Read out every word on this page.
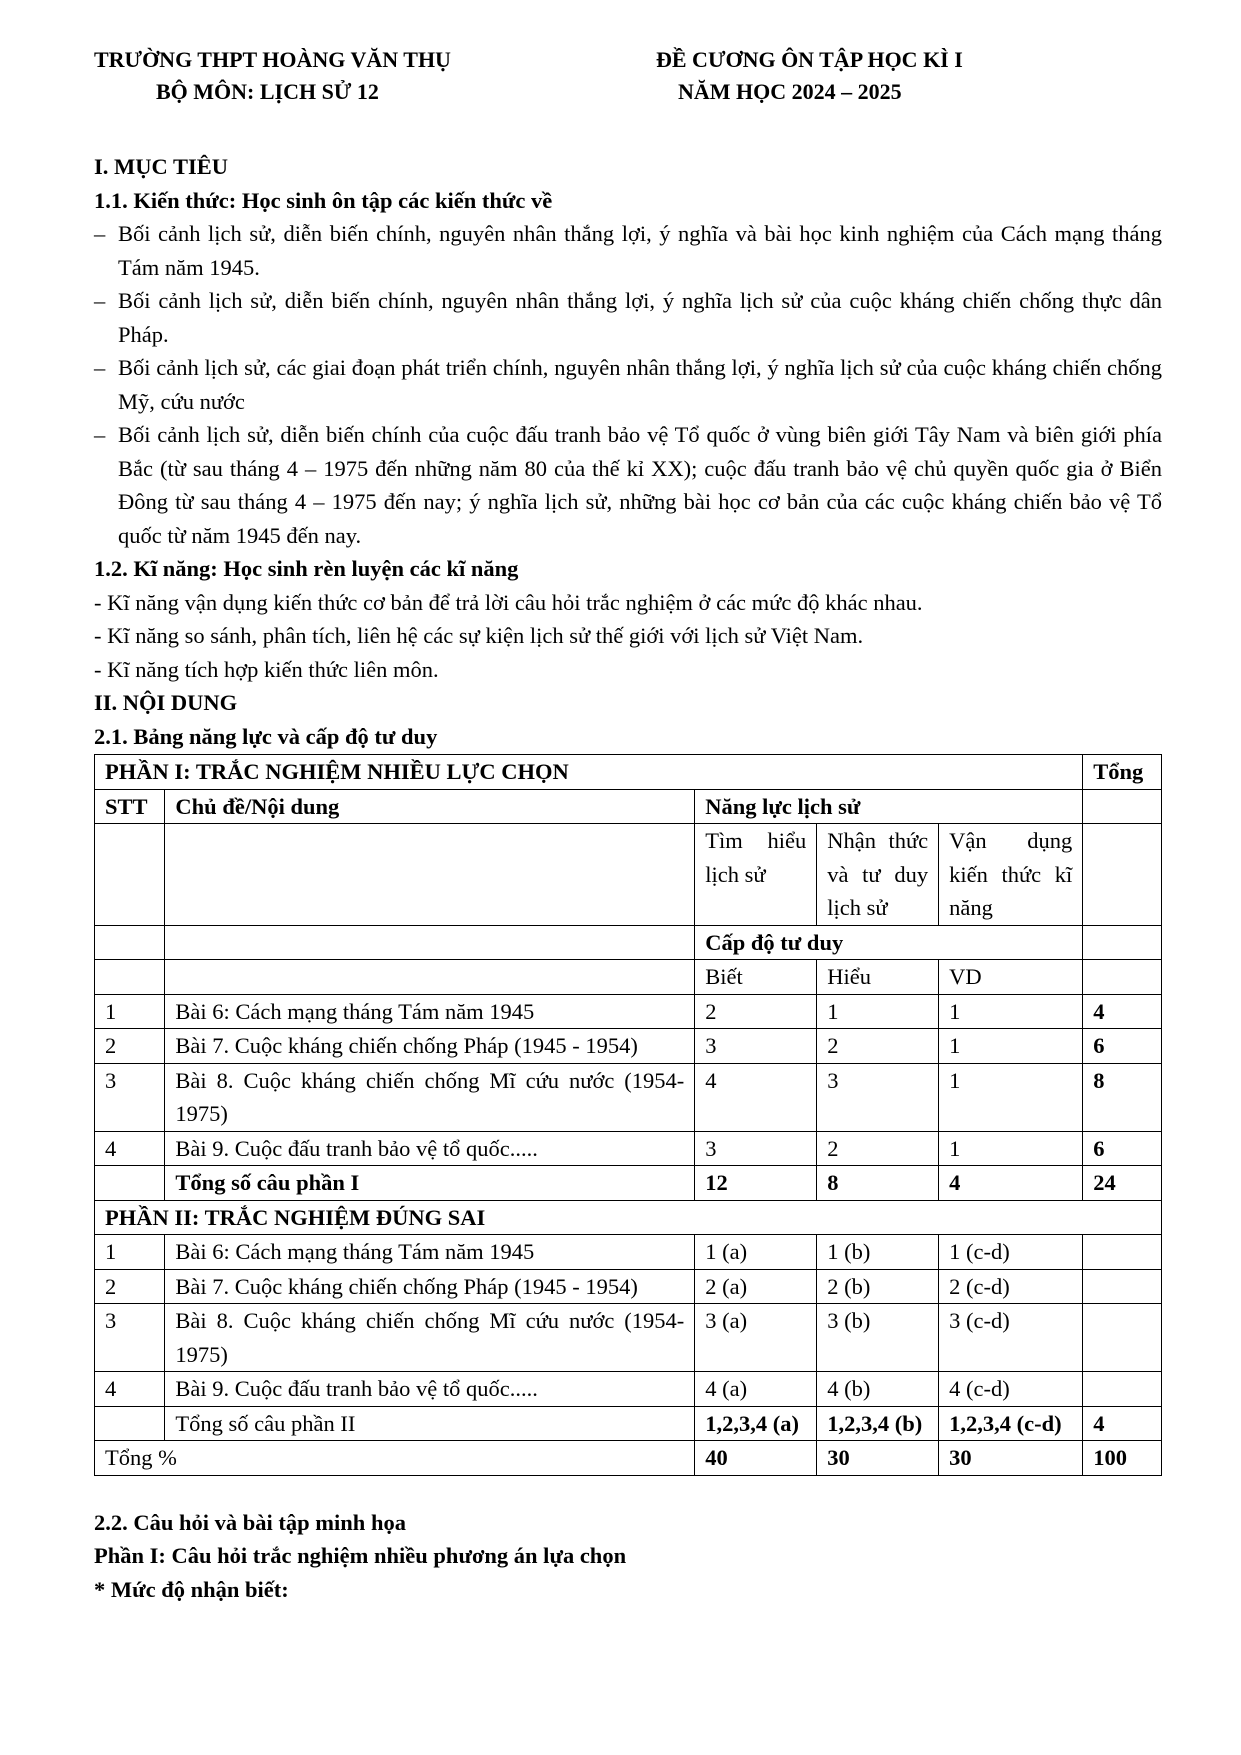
TRƯỜNG THPT HOÀNG VĂN THỤ
BỘ MÔN: LỊCH SỬ 12
ĐỀ CƯƠNG ÔN TẬP HỌC KÌ I
NĂM HỌC 2024 – 2025
I. MỤC TIÊU
1.1. Kiến thức: Học sinh ôn tập các kiến thức về
– Bối cảnh lịch sử, diễn biến chính, nguyên nhân thắng lợi, ý nghĩa và bài học kinh nghiệm của Cách mạng tháng Tám năm 1945.
– Bối cảnh lịch sử, diễn biến chính, nguyên nhân thắng lợi, ý nghĩa lịch sử của cuộc kháng chiến chống thực dân Pháp.
– Bối cảnh lịch sử, các giai đoạn phát triển chính, nguyên nhân thắng lợi, ý nghĩa lịch sử của cuộc kháng chiến chống Mỹ, cứu nước
– Bối cảnh lịch sử, diễn biến chính của cuộc đấu tranh bảo vệ Tổ quốc ở vùng biên giới Tây Nam và biên giới phía Bắc (từ sau tháng 4 – 1975 đến những năm 80 của thế kỉ XX); cuộc đấu tranh bảo vệ chủ quyền quốc gia ở Biển Đông từ sau tháng 4 – 1975 đến nay; ý nghĩa lịch sử, những bài học cơ bản của các cuộc kháng chiến bảo vệ Tổ quốc từ năm 1945 đến nay.
1.2. Kĩ năng: Học sinh rèn luyện các kĩ năng
- Kĩ năng vận dụng kiến thức cơ bản để trả lời câu hỏi trắc nghiệm ở các mức độ khác nhau.
- Kĩ năng so sánh, phân tích, liên hệ các sự kiện lịch sử thế giới với lịch sử Việt Nam.
- Kĩ năng tích hợp kiến thức liên môn.
II. NỘI DUNG
2.1. Bảng năng lực và cấp độ tư duy
PHẦN I: TRẮC NGHIỆM NHIỀU LỰC CHỌN					Tổng
STT	Chủ đề/Nội dung	Năng lực lịch sử			
		Tìm hiểu lịch sử	Nhận thức và tư duy lịch sử	Vận dụng kiến thức kĩ năng	
		Cấp độ tư duy			
		Biết	Hiểu	VD	
1	Bài 6: Cách mạng tháng Tám năm 1945	2	1	1	4
2	Bài 7. Cuộc kháng chiến chống Pháp (1945 - 1954)	3	2	1	6
3	Bài 8. Cuộc kháng chiến chống Mĩ cứu nước (1954-1975)	4	3	1	8
4	Bài 9. Cuộc đấu tranh bảo vệ tổ quốc.....	3	2	1	6
	Tổng số câu phần I	12	8	4	24
PHẦN II: TRẮC NGHIỆM ĐÚNG SAI					
1	Bài 6: Cách mạng tháng Tám năm 1945	1 (a)	1 (b)	1 (c-d)	
2	Bài 7. Cuộc kháng chiến chống Pháp (1945 - 1954)	2 (a)	2 (b)	2 (c-d)	
3	Bài 8. Cuộc kháng chiến chống Mĩ cứu nước (1954-1975)	3 (a)	3 (b)	3 (c-d)	
4	Bài 9. Cuộc đấu tranh bảo vệ tổ quốc.....	4 (a)	4 (b)	4 (c-d)	
	Tổng số câu phần II	1,2,3,4 (a)	1,2,3,4 (b)	1,2,3,4 (c-d)	4
Tổng %		40	30	30	100
2.2. Câu hỏi và bài tập minh họa
Phần I: Câu hỏi trắc nghiệm nhiều phương án lựa chọn
* Mức độ nhận biết:
